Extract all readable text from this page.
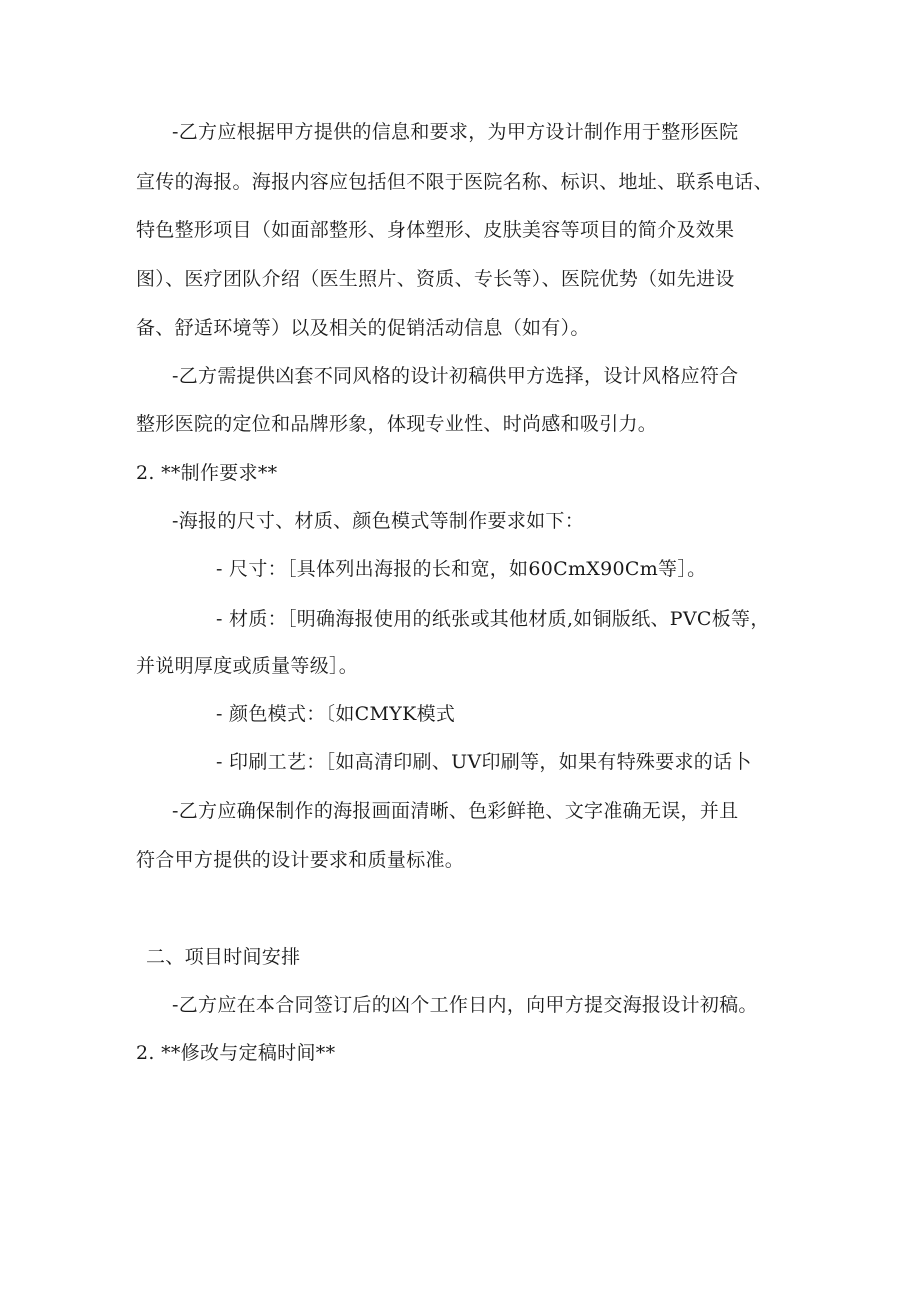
-乙方应根据甲方提供的信息和要求，为甲方设计制作用于整形医院
宣传的海报。海报内容应包括但不限于医院名称、标识、地址、联系电话、
特色整形项目（如面部整形、身体塑形、皮肤美容等项目的简介及效果
图）、医疗团队介绍（医生照片、资质、专长等）、医院优势（如先进设
备、舒适环境等）以及相关的促销活动信息（如有）。
-乙方需提供凶套不同风格的设计初稿供甲方选择，设计风格应符合
整形医院的定位和品牌形象，体现专业性、时尚感和吸引力。
2. **制作要求**
-海报的尺寸、材质、颜色模式等制作要求如下：
- 尺寸：［具体列出海报的长和宽，如60CmX90Cm等］。
- 材质：［明确海报使用的纸张或其他材质,如铜版纸、PVC板等，
并说明厚度或质量等级］。
- 颜色模式：〔如CMYK模式
- 印刷工艺：［如高清印刷、UV印刷等，如果有特殊要求的话卜
-乙方应确保制作的海报画面清晰、色彩鲜艳、文字准确无误，并且
符合甲方提供的设计要求和质量标准。
二、项目时间安排
-乙方应在本合同签订后的凶个工作日内，向甲方提交海报设计初稿。
2. **修改与定稿时间**
